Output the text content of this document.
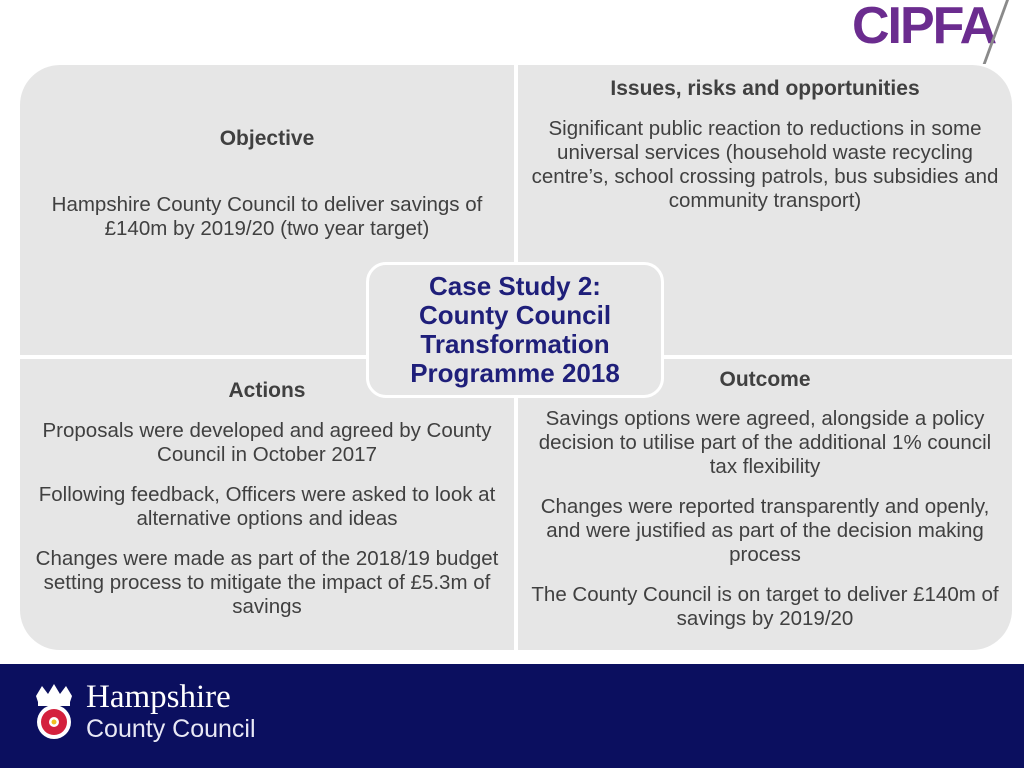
CIPFA
Objective

Hampshire County Council to deliver savings of £140m by 2019/20 (two year target)

Issues, risks and opportunities

Significant public reaction to reductions in some universal services (household waste recycling centre’s, school crossing patrols, bus subsidies and community transport)

Actions

Proposals were developed and agreed by County Council in October 2017

Following feedback, Officers were asked to look at alternative options and ideas

Changes were made as part of the 2018/19 budget setting process to mitigate the impact of £5.3m of savings

Outcome

Savings options were agreed, alongside a policy decision to utilise part of the additional 1% council tax flexibility

Changes were reported transparently and openly, and were justified as part of the decision making process

The County Council is on target to deliver £140m of savings by 2019/20

Case Study 2:
County Council
Transformation
Programme 2018

Hampshire
County Council
